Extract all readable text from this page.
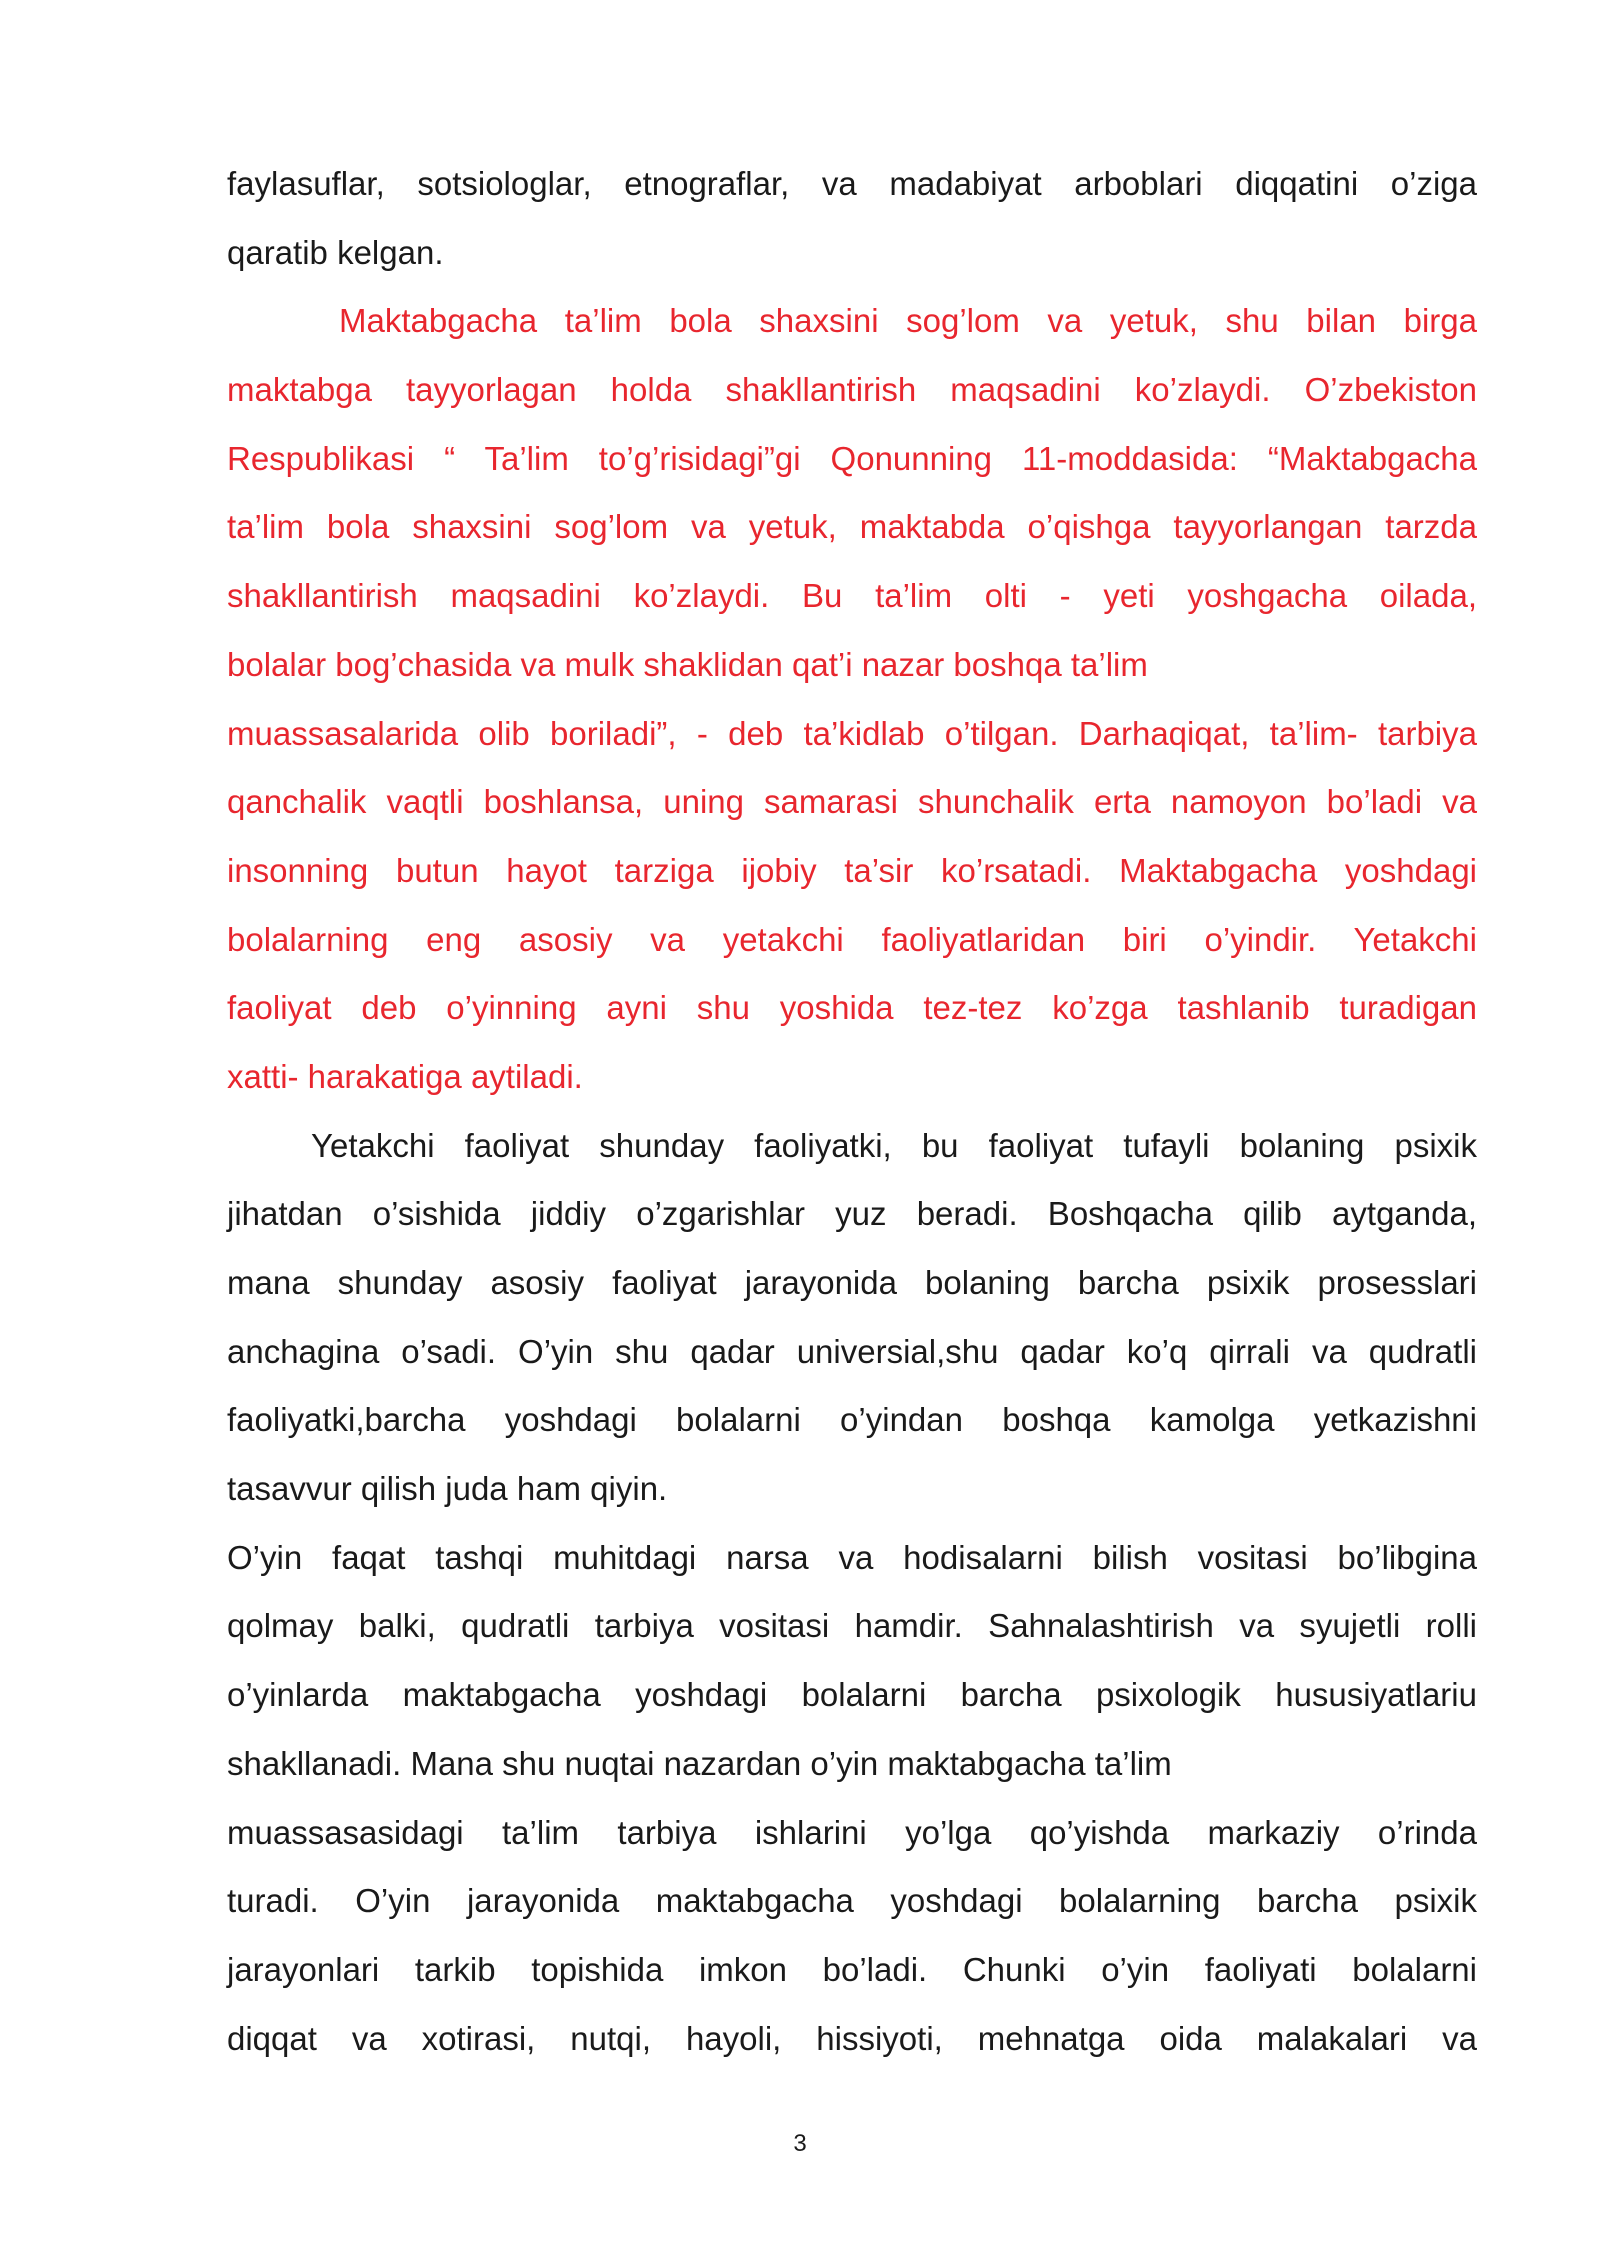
faylasuflar, sotsiologlar, etnograflar, va madabiyat arboblari diqqatini o’ziga
qaratib kelgan.
Maktabgacha ta’lim bola shaxsini sog’lom va yetuk, shu bilan birga
maktabga tayyorlagan holda shakllantirish maqsadini ko’zlaydi. O’zbekiston
Respublikasi “ Ta’lim to’g’risidagi”gi Qonunning 11-moddasida: “Maktabgacha
ta’lim bola shaxsini sog’lom va yetuk, maktabda o’qishga tayyorlangan tarzda
shakllantirish maqsadini ko’zlaydi. Bu ta’lim olti - yeti yoshgacha oilada,
bolalar bog’chasida va mulk shaklidan qat’i nazar boshqa ta’lim
muassasalarida olib boriladi”, - deb ta’kidlab o’tilgan. Darhaqiqat, ta’lim- tarbiya
qanchalik vaqtli boshlansa, uning samarasi shunchalik erta namoyon bo’ladi va
insonning butun hayot tarziga ijobiy ta’sir ko’rsatadi. Maktabgacha yoshdagi
bolalarning eng asosiy va yetakchi faoliyatlaridan biri o’yindir. Yetakchi
faoliyat deb o’yinning ayni shu yoshida tez-tez ko’zga tashlanib turadigan
xatti- harakatiga aytiladi.
Yetakchi faoliyat shunday faoliyatki, bu faoliyat tufayli bolaning psixik
jihatdan o’sishida jiddiy o’zgarishlar yuz beradi. Boshqacha qilib aytganda,
mana shunday asosiy faoliyat jarayonida bolaning barcha psixik prosesslari
anchagina o’sadi. O’yin shu qadar universial,shu qadar ko’q qirrali va qudratli
faoliyatki,barcha yoshdagi bolalarni o’yindan boshqa kamolga yetkazishni
tasavvur qilish juda ham qiyin.
O’yin faqat tashqi muhitdagi narsa va hodisalarni bilish vositasi bo’libgina
qolmay balki, qudratli tarbiya vositasi hamdir. Sahnalashtirish va syujetli rolli
o’yinlarda maktabgacha yoshdagi bolalarni barcha psixologik hususiyatlariu
shakllanadi. Mana shu nuqtai nazardan o’yin maktabgacha ta’lim
muassasasidagi ta’lim tarbiya ishlarini yo’lga qo’yishda markaziy o’rinda
turadi. O’yin jarayonida maktabgacha yoshdagi bolalarning barcha psixik
jarayonlari tarkib topishida imkon bo’ladi. Chunki o’yin faoliyati bolalarni
diqqat va xotirasi, nutqi, hayoli, hissiyoti, mehnatga oida malakalari va
3
